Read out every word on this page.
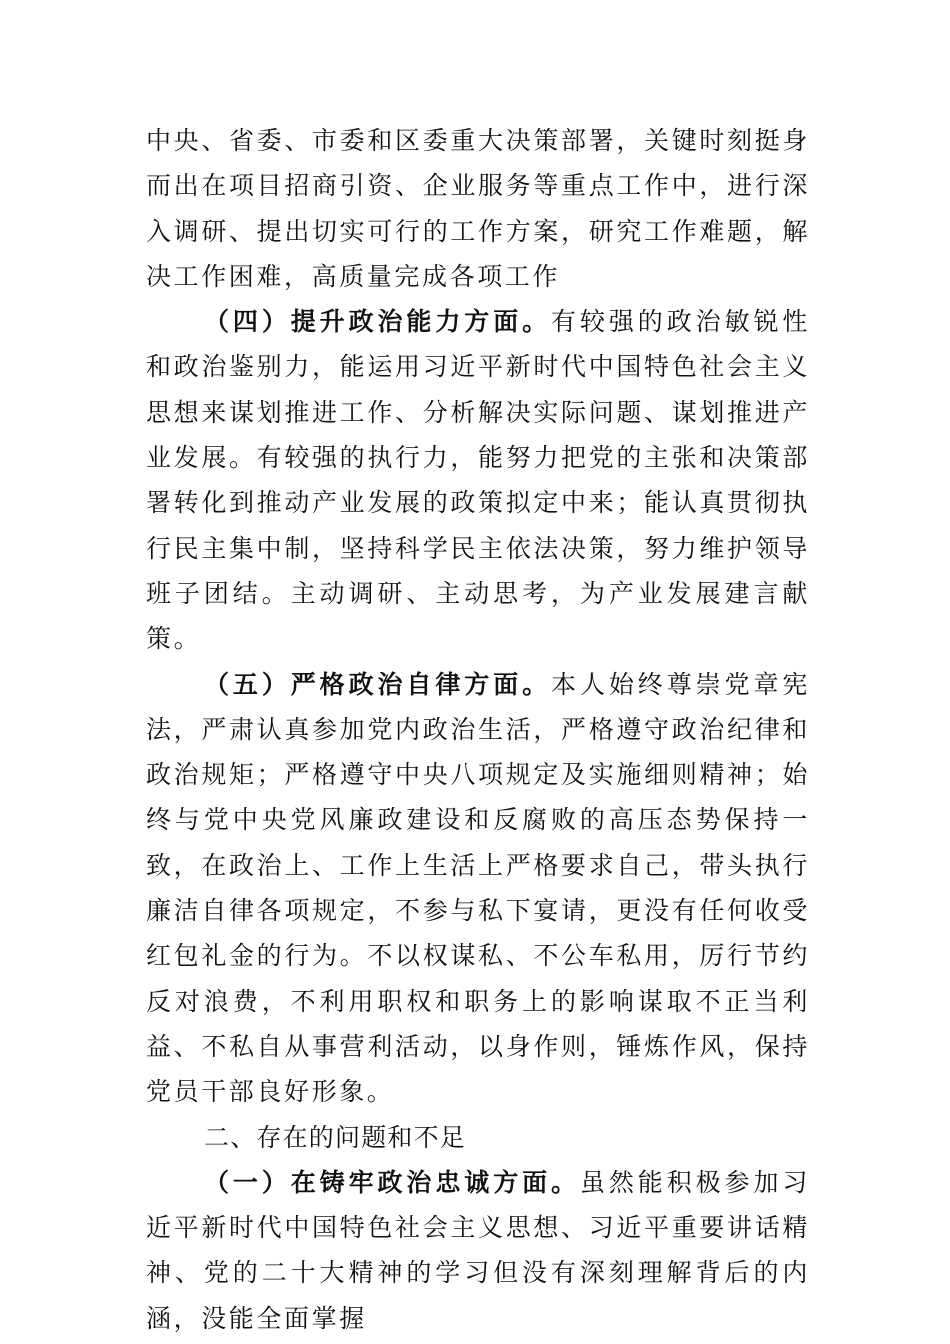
中央、省委、市委和区委重大决策部署，关键时刻挺身而出在项目招商引资、企业服务等重点工作中，进行深入调研、提出切实可行的工作方案，研究工作难题，解决工作困难，高质量完成各项工作

（四）提升政治能力方面。有较强的政治敏锐性和政治鉴别力，能运用习近平新时代中国特色社会主义思想来谋划推进工作、分析解决实际问题、谋划推进产业发展。有较强的执行力，能努力把党的主张和决策部署转化到推动产业发展的政策拟定中来；能认真贯彻执行民主集中制，坚持科学民主依法决策，努力维护领导班子团结。主动调研、主动思考，为产业发展建言献策。

（五）严格政治自律方面。本人始终尊崇党章宪法，严肃认真参加党内政治生活，严格遵守政治纪律和政治规矩；严格遵守中央八项规定及实施细则精神；始终与党中央党风廉政建设和反腐败的高压态势保持一致，在政治上、工作上生活上严格要求自己，带头执行廉洁自律各项规定，不参与私下宴请，更没有任何收受红包礼金的行为。不以权谋私、不公车私用，厉行节约反对浪费，不利用职权和职务上的影响谋取不正当利益、不私自从事营利活动，以身作则，锤炼作风，保持党员干部良好形象。

二、存在的问题和不足

（一）在铸牢政治忠诚方面。虽然能积极参加习近平新时代中国特色社会主义思想、习近平重要讲话精神、党的二十大精神的学习但没有深刻理解背后的内涵，没能全面掌握
